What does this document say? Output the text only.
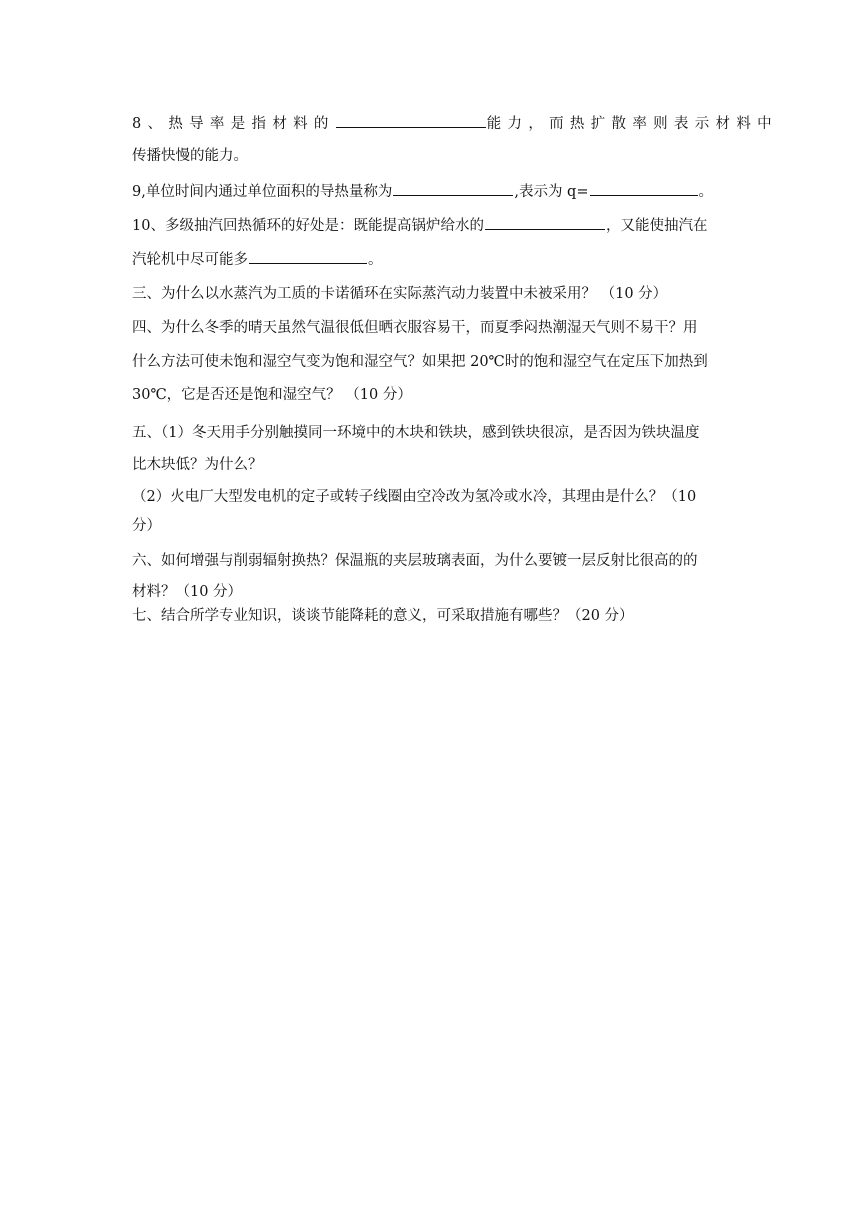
8、热导率是指材料的	能力，而热扩散率则表示材料中
传播快慢的能力。
9,单位时间内通过单位面积的导热量称为	,表示为 q=	。
10、多级抽汽回热循环的好处是：既能提高锅炉给水的	，又能使抽汽在
汽轮机中尽可能多	。
三、为什么以水蒸汽为工质的卡诺循环在实际蒸汽动力装置中未被采用？ （10 分）
四、为什么冬季的晴天虽然气温很低但晒衣服容易干，而夏季闷热潮湿天气则不易干？用
什么方法可使未饱和湿空气变为饱和湿空气？如果把 20℃时的饱和湿空气在定压下加热到
30℃，它是否还是饱和湿空气？ （10 分）
五、（1）冬天用手分别触摸同一环境中的木块和铁块，感到铁块很凉，是否因为铁块温度
比木块低？为什么？
（2）火电厂大型发电机的定子或转子线圈由空冷改为氢冷或水冷，其理由是什么？（10
分）
六、如何增强与削弱辐射换热？保温瓶的夹层玻璃表面，为什么要镀一层反射比很高的的
材料？（10 分）
七、结合所学专业知识，谈谈节能降耗的意义，可采取措施有哪些？（20 分）
